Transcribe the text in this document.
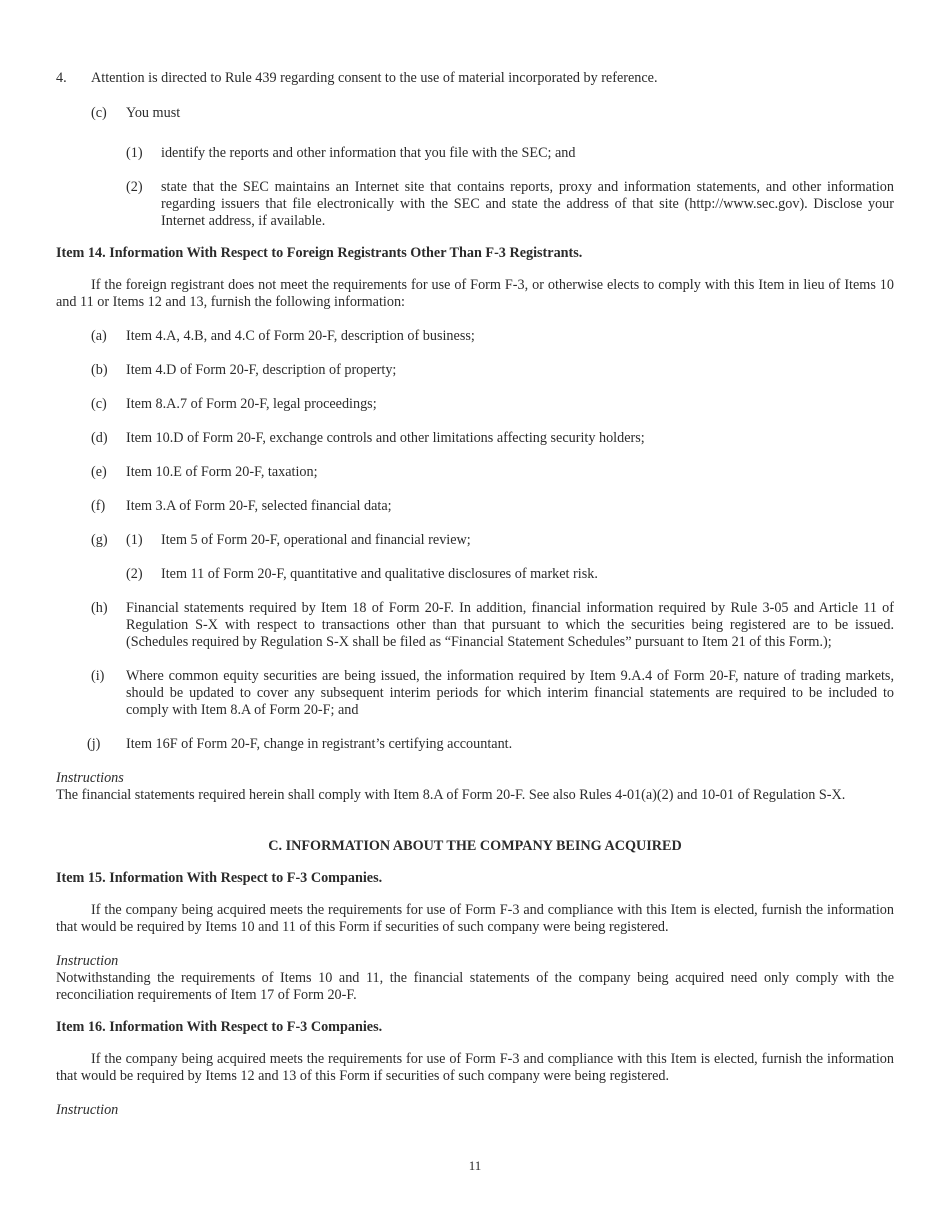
4.	Attention is directed to Rule 439 regarding consent to the use of material incorporated by reference.
(c)	You must
(1)	identify the reports and other information that you file with the SEC; and
(2)	state that the SEC maintains an Internet site that contains reports, proxy and information statements, and other information regarding issuers that file electronically with the SEC and state the address of that site (http://www.sec.gov). Disclose your Internet address, if available.

Item 14. Information With Respect to Foreign Registrants Other Than F-3 Registrants.

If the foreign registrant does not meet the requirements for use of Form F-3, or otherwise elects to comply with this Item in lieu of Items 10 and 11 or Items 12 and 13, furnish the following information:

(a)	Item 4.A, 4.B, and 4.C of Form 20-F, description of business;
(b)	Item 4.D of Form 20-F, description of property;
(c)	Item 8.A.7 of Form 20-F, legal proceedings;
(d)	Item 10.D of Form 20-F, exchange controls and other limitations affecting security holders;
(e)	Item 10.E of Form 20-F, taxation;
(f)	Item 3.A of Form 20-F, selected financial data;
(g)	(1)	Item 5 of Form 20-F, operational and financial review;
(2)	Item 11 of Form 20-F, quantitative and qualitative disclosures of market risk.
(h)	Financial statements required by Item 18 of Form 20-F. In addition, financial information required by Rule 3-05 and Article 11 of Regulation S-X with respect to transactions other than that pursuant to which the securities being registered are to be issued. (Schedules required by Regulation S-X shall be filed as “Financial Statement Schedules” pursuant to Item 21 of this Form.);
(i)	Where common equity securities are being issued, the information required by Item 9.A.4 of Form 20-F, nature of trading markets, should be updated to cover any subsequent interim periods for which interim financial statements are required to be included to comply with Item 8.A of Form 20-F; and
(j)	Item 16F of Form 20-F, change in registrant’s certifying accountant.

Instructions

The financial statements required herein shall comply with Item 8.A of Form 20-F. See also Rules 4-01(a)(2) and 10-01 of Regulation S-X.

C. INFORMATION ABOUT THE COMPANY BEING ACQUIRED

Item 15. Information With Respect to F-3 Companies.

If the company being acquired meets the requirements for use of Form F-3 and compliance with this Item is elected, furnish the information that would be required by Items 10 and 11 of this Form if securities of such company were being registered.

Instruction

Notwithstanding the requirements of Items 10 and 11, the financial statements of the company being acquired need only comply with the reconciliation requirements of Item 17 of Form 20-F.

Item 16. Information With Respect to F-3 Companies.

If the company being acquired meets the requirements for use of Form F-3 and compliance with this Item is elected, furnish the information that would be required by Items 12 and 13 of this Form if securities of such company were being registered.

Instruction

11
